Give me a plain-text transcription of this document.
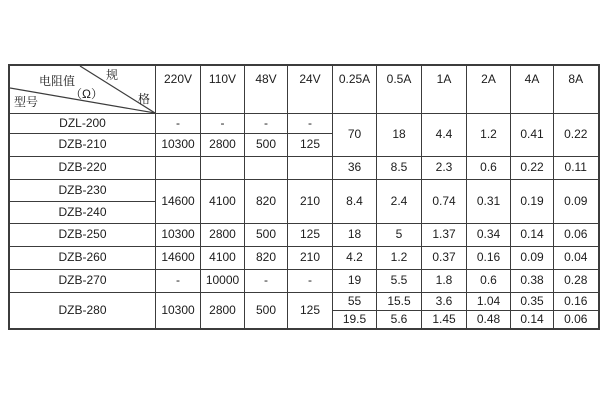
规
格
电阻值
（Ω）
型号	220V	110V	48V	24V	0.25A	0.5A	1A	2A	4A	8A
DZL-200	-	-	-	-	70	18	4.4	1.2	0.41	0.22
DZB-210	10300	2800	500	125						
DZB-220					36	8.5	2.3	0.6	0.22	0.11
DZB-230	14600	4100	820	210	8.4	2.4	0.74	0.31	0.19	0.09
DZB-240										
DZB-250	10300	2800	500	125	18	5	1.37	0.34	0.14	0.06
DZB-260	14600	4100	820	210	4.2	1.2	0.37	0.16	0.09	0.04
DZB-270	-	10000	-	-	19	5.5	1.8	0.6	0.38	0.28
DZB-280	10300	2800	500	125	55	15.5	3.6	1.04	0.35	0.16
					19.5	5.6	1.45	0.48	0.14	0.06
